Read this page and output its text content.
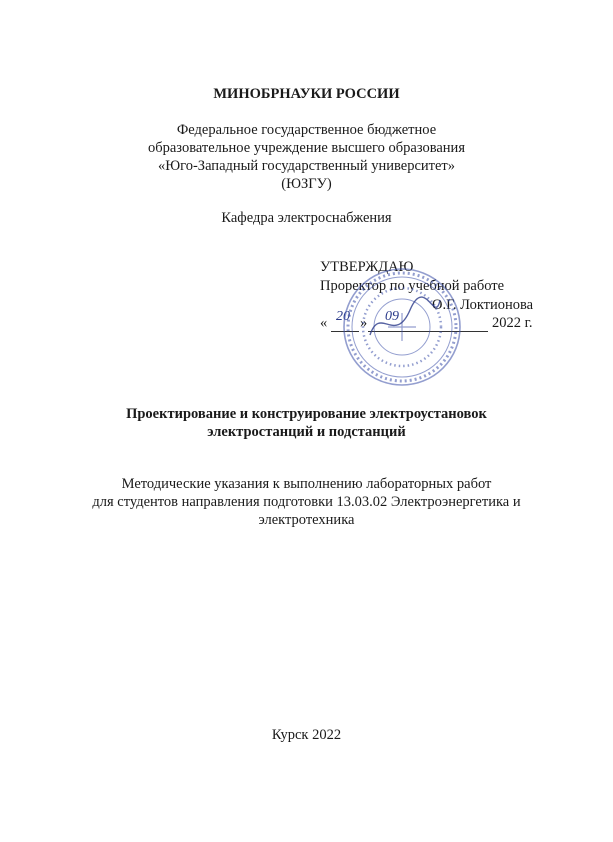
МИНОБРНАУКИ РОССИИ
Федеральное государственное бюджетное
образовательное учреждение высшего образования
«Юго-Западный государственный университет»
(ЮЗГУ)
Кафедра электроснабжения
УТВЕРЖДАЮ
Проректор по учебной работе
О.Г. Локтионова
« 20 » 09	2022 г.
Проектирование и конструирование электроустановок
электростанций и подстанций
Методические указания к выполнению лабораторных работ
для студентов направления подготовки 13.03.02 Электроэнергетика и
электротехника
Курск 2022
